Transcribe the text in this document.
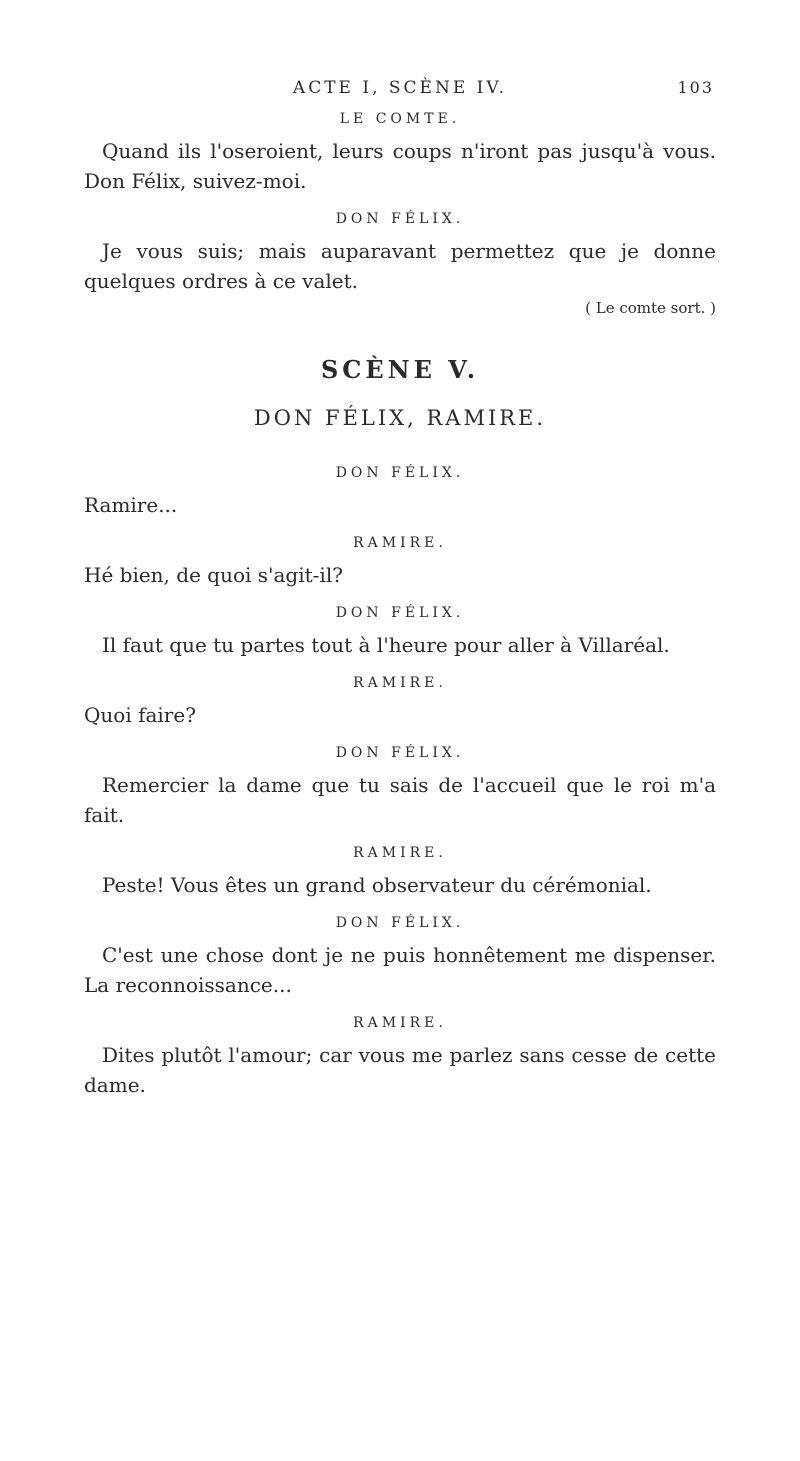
ACTE I, SCÈNE IV.	103

LE COMTE.

Quand ils l'oseroient, leurs coups n'iront pas jusqu'à vous. Don Félix, suivez-moi.

DON FÉLIX.

Je vous suis; mais auparavant permettez que je donne quelques ordres à ce valet.

( Le comte sort. )

SCÈNE V.
DON FÉLIX, RAMIRE.

DON FÉLIX.

Ramire...

RAMIRE.

Hé bien, de quoi s'agit-il?

DON FÉLIX.

Il faut que tu partes tout à l'heure pour aller à Villaréal.

RAMIRE.

Quoi faire?

DON FÉLIX.

Remercier la dame que tu sais de l'accueil que le roi m'a fait.

RAMIRE.

Peste! Vous êtes un grand observateur du cérémonial.

DON FÉLIX.

C'est une chose dont je ne puis honnêtement me dispenser. La reconnoissance...

RAMIRE.

Dites plutôt l'amour; car vous me parlez sans cesse de cette dame.
